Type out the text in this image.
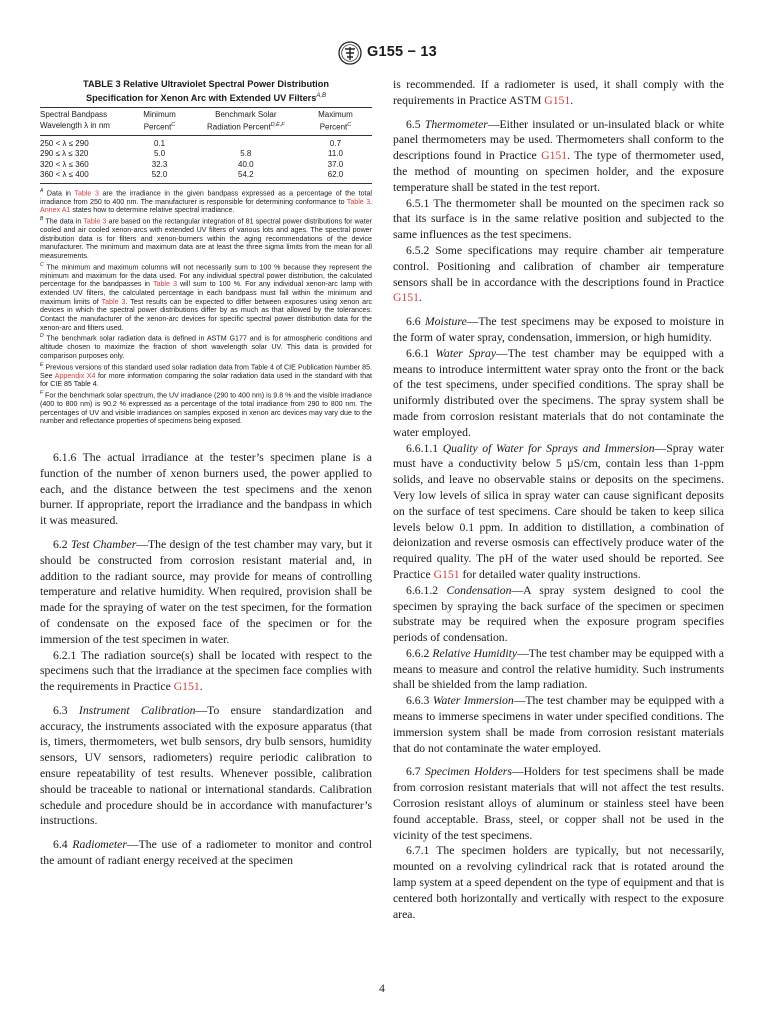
G155 − 13
TABLE 3 Relative Ultraviolet Spectral Power Distribution
Specification for Xenon Arc with Extended UV Filters$^{A,B}$
Spectral Bandpass	Minimum	Benchmark Solar	Maximum
Wavelength λ in nm	Percent$^C$	Radiation Percent$^{D,E,F}$	Percent$^C$
250 < λ ≤ 290	0.1		0.7
290 ≤ λ ≤ 320	5.0	5.8	11.0
320 < λ ≤ 360	32.3	40.0	37.0
360 < λ ≤ 400	52.0	54.2	62.0

$^A$ Data in Table 3 are the irradiance in the given bandpass expressed as a percentage of the total irradiance from 250 to 400 nm. The manufacturer is responsible for determining conformance to Table 3. Annex A1 states how to determine relative spectral irradiance.

$^B$ The data in Table 3 are based on the rectangular integration of 81 spectral power distributions for water cooled and air cooled xenon-arcs with extended UV filters of various lots and ages. The spectral power distribution data is for filters and xenon-burners within the aging recommendations of the device manufacturer. The minimum and maximum data are at least the three sigma limits from the mean for all measurements.

$^C$ The minimum and maximum columns will not necessarily sum to 100 % because they represent the minimum and maximum for the data used. For any individual spectral power distribution, the calculated percentage for the bandpasses in Table 3 will sum to 100 %. For any individual xenon-arc lamp with extended UV filters, the calculated percentage in each bandpass must fall within the minimum and maximum limits of Table 3. Test results can be expected to differ between exposures using xenon arc devices in which the spectral power distributions differ by as much as that allowed by the tolerances. Contact the manufacturer of the xenon-arc devices for specific spectral power distribution data for the xenon-arc and filters used.

$^D$ The benchmark solar radiation data is defined in ASTM G177 and is for atmospheric conditions and altitude chosen to maximize the fraction of short wavelength solar UV. This data is provided for comparison purposes only.

$^E$ Previous versions of this standard used solar radiation data from Table 4 of CIE Publication Number 85. See Appendix X4 for more information comparing the solar radiation data used in the standard with that for CIE 85 Table 4.

$^F$ For the benchmark solar spectrum, the UV irradiance (290 to 400 nm) is 9.8 % and the visible irradiance (400 to 800 nm) is 90.2 % expressed as a percentage of the total irradiance from 290 to 800 nm. The percentages of UV and visible irradiances on samples exposed in xenon arc devices may vary due to the number and reflectance properties of specimens being exposed.

6.1.6 The actual irradiance at the tester’s specimen plane is a function of the number of xenon burners used, the power applied to each, and the distance between the test specimens and the xenon burner. If appropriate, report the irradiance and the bandpass in which it was measured.

6.2 Test Chamber—The design of the test chamber may vary, but it should be constructed from corrosion resistant material and, in addition to the radiant source, may provide for means of controlling temperature and relative humidity. When required, provision shall be made for the spraying of water on the test specimen, for the formation of condensate on the exposed face of the specimen or for the immersion of the test specimen in water.

6.2.1 The radiation source(s) shall be located with respect to the specimens such that the irradiance at the specimen face complies with the requirements in Practice G151.

6.3 Instrument Calibration—To ensure standardization and accuracy, the instruments associated with the exposure apparatus (that is, timers, thermometers, wet bulb sensors, dry bulb sensors, humidity sensors, UV sensors, radiometers) require periodic calibration to ensure repeatability of test results. Whenever possible, calibration should be traceable to national or international standards. Calibration schedule and procedure should be in accordance with manufacturer’s instructions.

6.4 Radiometer—The use of a radiometer to monitor and control the amount of radiant energy received at the specimen

is recommended. If a radiometer is used, it shall comply with the requirements in Practice ASTM G151.

6.5 Thermometer—Either insulated or un-insulated black or white panel thermometers may be used. Thermometers shall conform to the descriptions found in Practice G151. The type of thermometer used, the method of mounting on specimen holder, and the exposure temperature shall be stated in the test report.

6.5.1 The thermometer shall be mounted on the specimen rack so that its surface is in the same relative position and subjected to the same influences as the test specimens.

6.5.2 Some specifications may require chamber air temperature control. Positioning and calibration of chamber air temperature sensors shall be in accordance with the descriptions found in Practice G151.

6.6 Moisture—The test specimens may be exposed to moisture in the form of water spray, condensation, immersion, or high humidity.

6.6.1 Water Spray—The test chamber may be equipped with a means to introduce intermittent water spray onto the front or the back of the test specimens, under specified conditions. The spray shall be uniformly distributed over the specimens. The spray system shall be made from corrosion resistant materials that do not contaminate the water employed.

6.6.1.1 Quality of Water for Sprays and Immersion—Spray water must have a conductivity below 5 µS/cm, contain less than 1-ppm solids, and leave no observable stains or deposits on the specimens. Very low levels of silica in spray water can cause significant deposits on the surface of test specimens. Care should be taken to keep silica levels below 0.1 ppm. In addition to distillation, a combination of deionization and reverse osmosis can effectively produce water of the required quality. The pH of the water used should be reported. See Practice G151 for detailed water quality instructions.

6.6.1.2 Condensation—A spray system designed to cool the specimen by spraying the back surface of the specimen or specimen substrate may be required when the exposure program specifies periods of condensation.

6.6.2 Relative Humidity—The test chamber may be equipped with a means to measure and control the relative humidity. Such instruments shall be shielded from the lamp radiation.

6.6.3 Water Immersion—The test chamber may be equipped with a means to immerse specimens in water under specified conditions. The immersion system shall be made from corrosion resistant materials that do not contaminate the water employed.

6.7 Specimen Holders—Holders for test specimens shall be made from corrosion resistant materials that will not affect the test results. Corrosion resistant alloys of aluminum or stainless steel have been found acceptable. Brass, steel, or copper shall not be used in the vicinity of the test specimens.

6.7.1 The specimen holders are typically, but not necessarily, mounted on a revolving cylindrical rack that is rotated around the lamp system at a speed dependent on the type of equipment and that is centered both horizontally and vertically with respect to the exposure area.

4
